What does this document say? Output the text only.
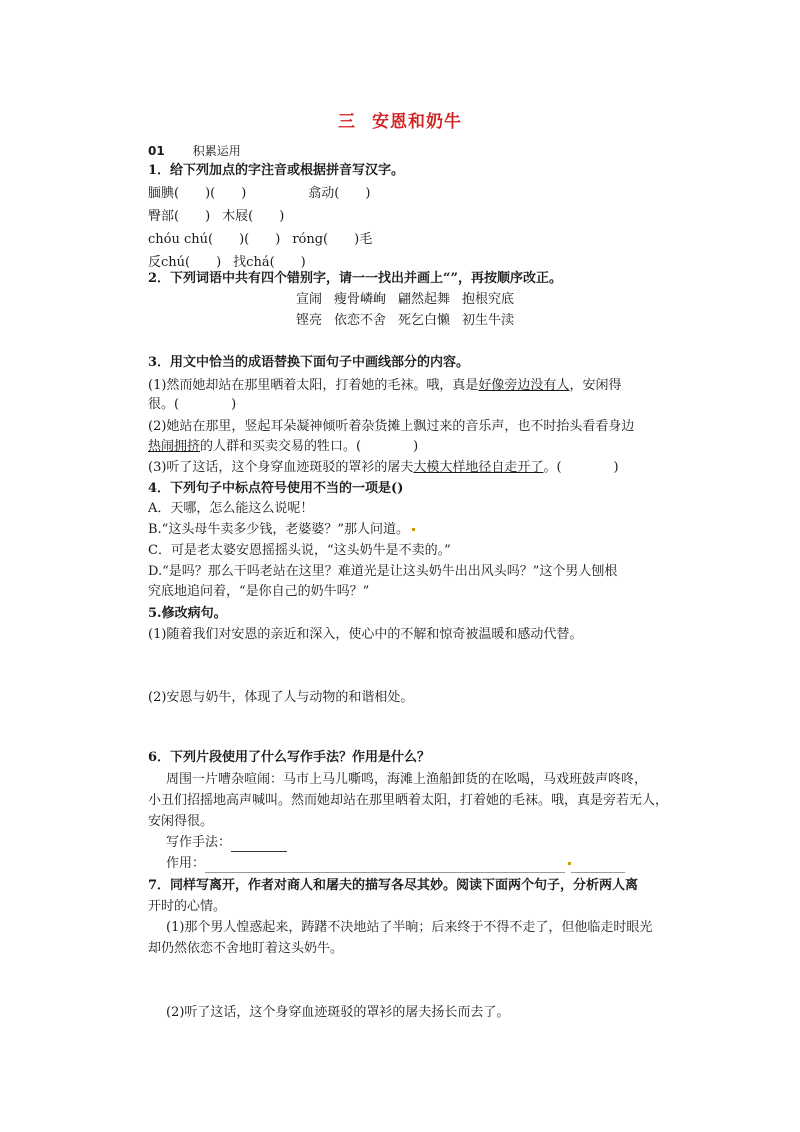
三 安恩和奶牛
01 积累运用
1．给下列加点的字注音或根据拼音写汉字。
腼腆(　　)(　　)	翕动(　　)
臀部(　　) 木屐(　　)
chóu chú(　　)(　　) róng(　　)毛
反chú(　　) 找chá(　　)
2．下列词语中共有四个错别字，请一一找出并画上“”，再按顺序改正。
宣闹 瘦骨嶙峋 翩然起舞 抱根究底
铿亮 依恋不舍 死乞白懒 初生牛渎
3．用文中恰当的成语替换下面句子中画线部分的内容。
(1)然而她却站在那里晒着太阳，打着她的毛袜。哦，真是好像旁边没有人，安闲得
很。(　　　　)
(2)她站在那里，竖起耳朵凝神倾听着杂货摊上飘过来的音乐声，也不时抬头看看身边
热闹拥挤的人群和买卖交易的牲口。(　　　　)
(3)听了这话，这个身穿血迹斑驳的罩衫的屠夫大模大样地径自走开了。(　　　　)
4．下列句子中标点符号使用不当的一项是()
A．天哪，怎么能这么说呢！
B.“这头母牛卖多少钱，老婆婆？”那人问道。
C．可是老太婆安恩摇摇头说，“这头奶牛是不卖的。”
D.“是吗？那么干吗老站在这里？难道光是让这头奶牛出出风头吗？”这个男人刨根
究底地追问着，“是你自己的奶牛吗？”
5.修改病句。
(1)随着我们对安恩的亲近和深入，使心中的不解和惊奇被温暖和感动代替。
(2)安恩与奶牛，体现了人与动物的和谐相处。
6．下列片段使用了什么写作手法？作用是什么？
周围一片嘈杂喧闹：马市上马儿嘶鸣，海滩上渔船卸货的在吆喝，马戏班鼓声咚咚，
小丑们招摇地高声喊叫。然而她却站在那里晒着太阳，打着她的毛袜。哦，真是旁若无人，
安闲得很。
写作手法：
作用：
7．同样写离开，作者对商人和屠夫的描写各尽其妙。阅读下面两个句子，分析两人离
开时的心情。
(1)那个男人惶惑起来，踌躇不决地站了半晌；后来终于不得不走了，但他临走时眼光
却仍然依恋不舍地盯着这头奶牛。
(2)听了这话，这个身穿血迹斑驳的罩衫的屠夫扬长而去了。
